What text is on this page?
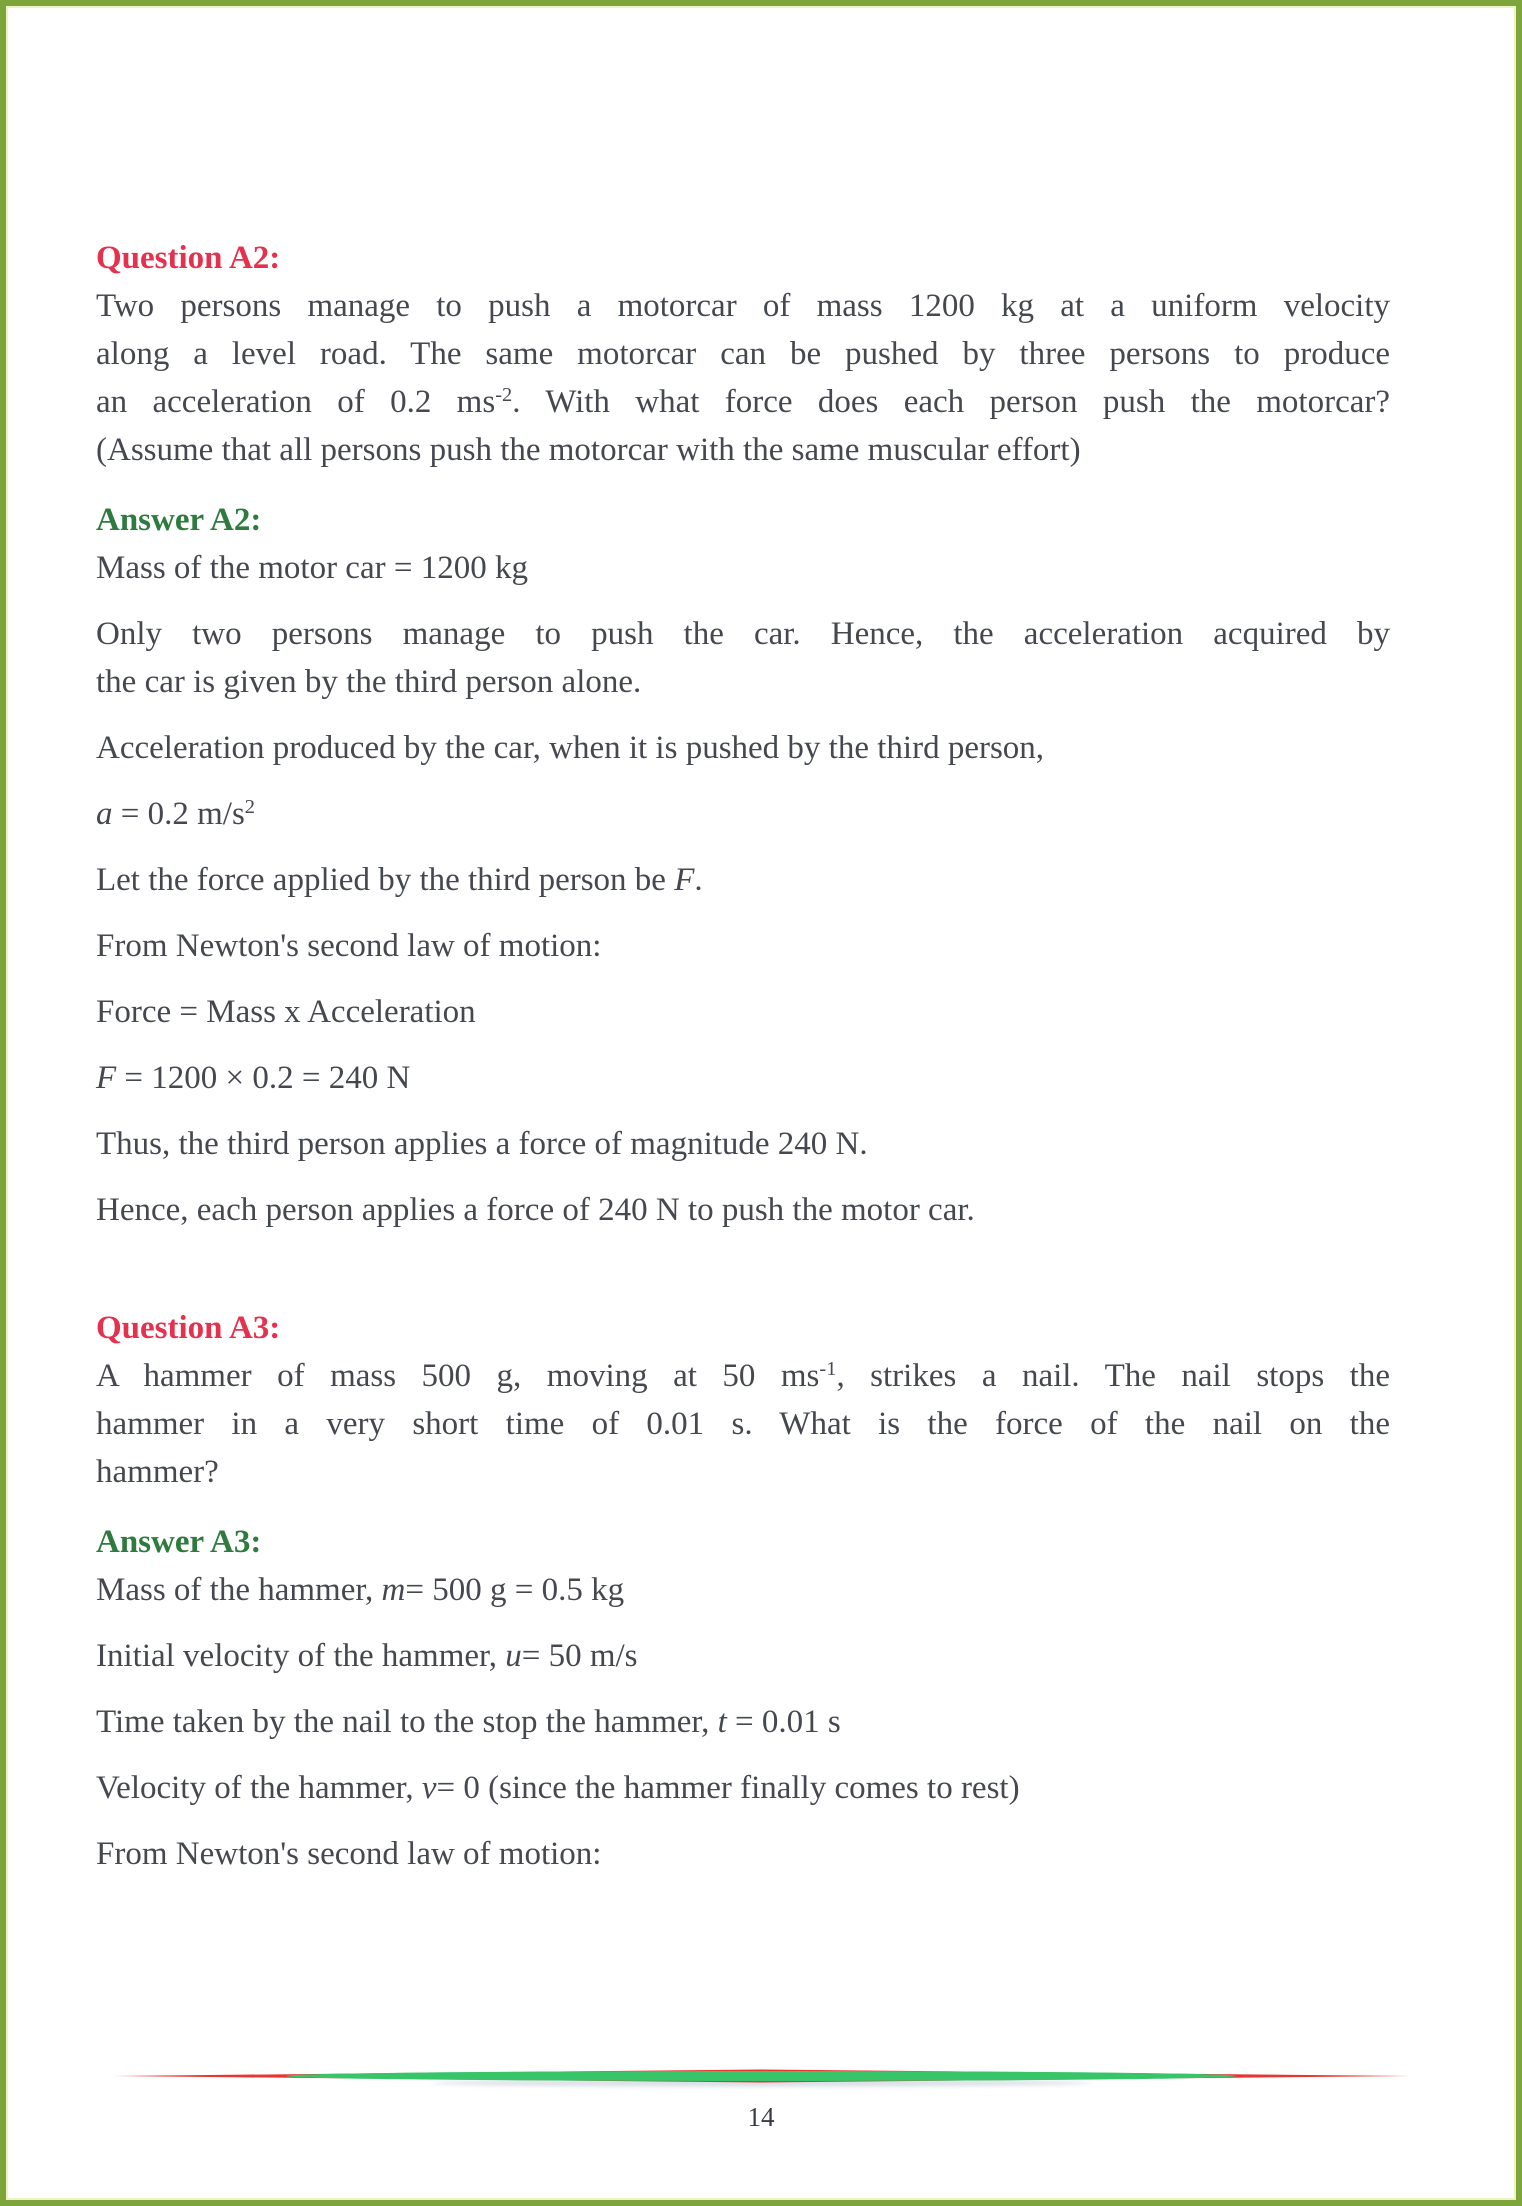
Question A2:

Two persons manage to push a motorcar of mass 1200 kg at a uniform velocity
along a level road. The same motorcar can be pushed by three persons to produce
an acceleration of 0.2 $ms^{-2}$. With what force does each person push the motorcar?
(Assume that all persons push the motorcar with the same muscular effort)

Answer A2:

Mass of the motor car = 1200 kg
Only two persons manage to push the car. Hence, the acceleration acquired by
the car is given by the third person alone.
Acceleration produced by the car, when it is pushed by the third person,
a = 0.2 $m/s^2$
Let the force applied by the third person be F.
From Newton's second law of motion:
Force = Mass x Acceleration
F = 1200 × 0.2 = 240 N
Thus, the third person applies a force of magnitude 240 N.
Hence, each person applies a force of 240 N to push the motor car.

Question A3:

A hammer of mass 500 g, moving at 50 $ms^{-1}$, strikes a nail. The nail stops the
hammer in a very short time of 0.01 s. What is the force of the nail on the
hammer?

Answer A3:

Mass of the hammer, m= 500 g = 0.5 kg
Initial velocity of the hammer, u= 50 m/s
Time taken by the nail to the stop the hammer, t = 0.01 s
Velocity of the hammer, v= 0 (since the hammer finally comes to rest)
From Newton's second law of motion:
14
